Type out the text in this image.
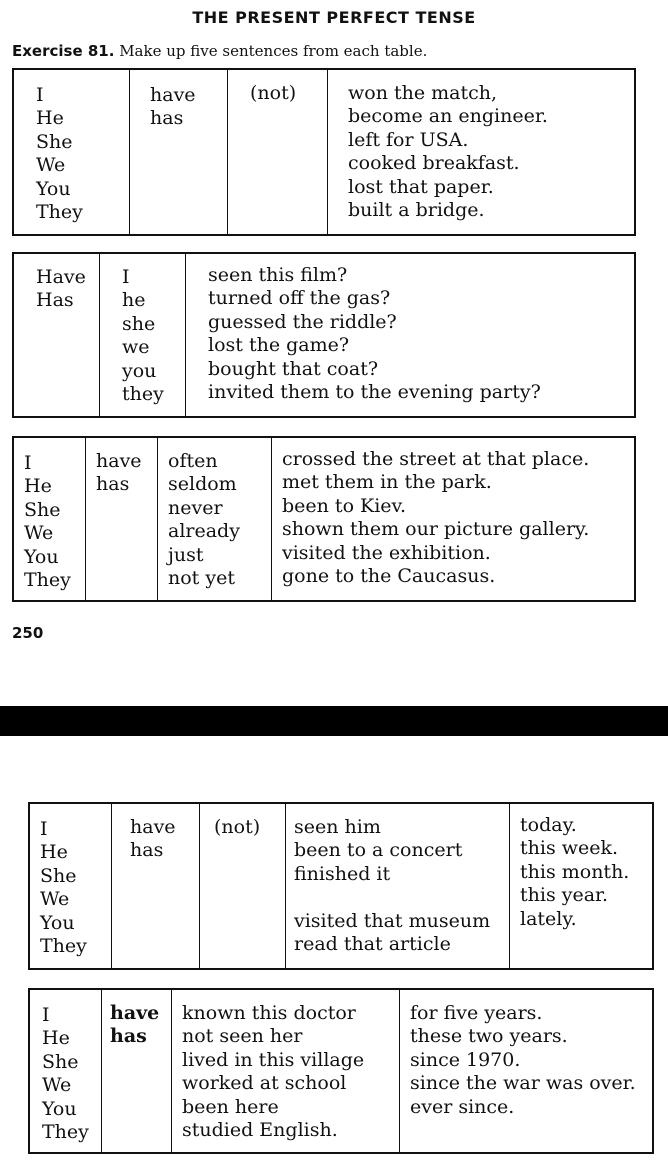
THE PRESENT PERFECT TENSE
Exercise 81. Make up five sentences from each table.
I
He
She
We
You
They
have
has
(not)	won the match,
become an engineer.
left for USA.
cooked breakfast.
lost that paper.
built a bridge.
Have
Has
I
he
she
we
you
they
seen this film?
turned off the gas?
guessed the riddle?
lost the game?
bought that coat?
invited them to the evening party?
I
He
She
We
You
They
have
has
often
seldom
never
already
just
not yet
crossed the street at that place.
met them in the park.
been to Kiev.
shown them our picture gallery.
visited the exhibition.
gone to the Caucasus.
250
I
He
She
We
You
They
have
has
(not) seen him
been to a concert
finished it

visited that museum
read that article
today.
this week.
this month.
this year.
lately.
I
He
She
We
You
They
have
has
known this doctor
not seen her
lived in this village
worked at school
been here
studied English.
for five years.
these two years.
since 1970.
since the war was over.
ever since.
